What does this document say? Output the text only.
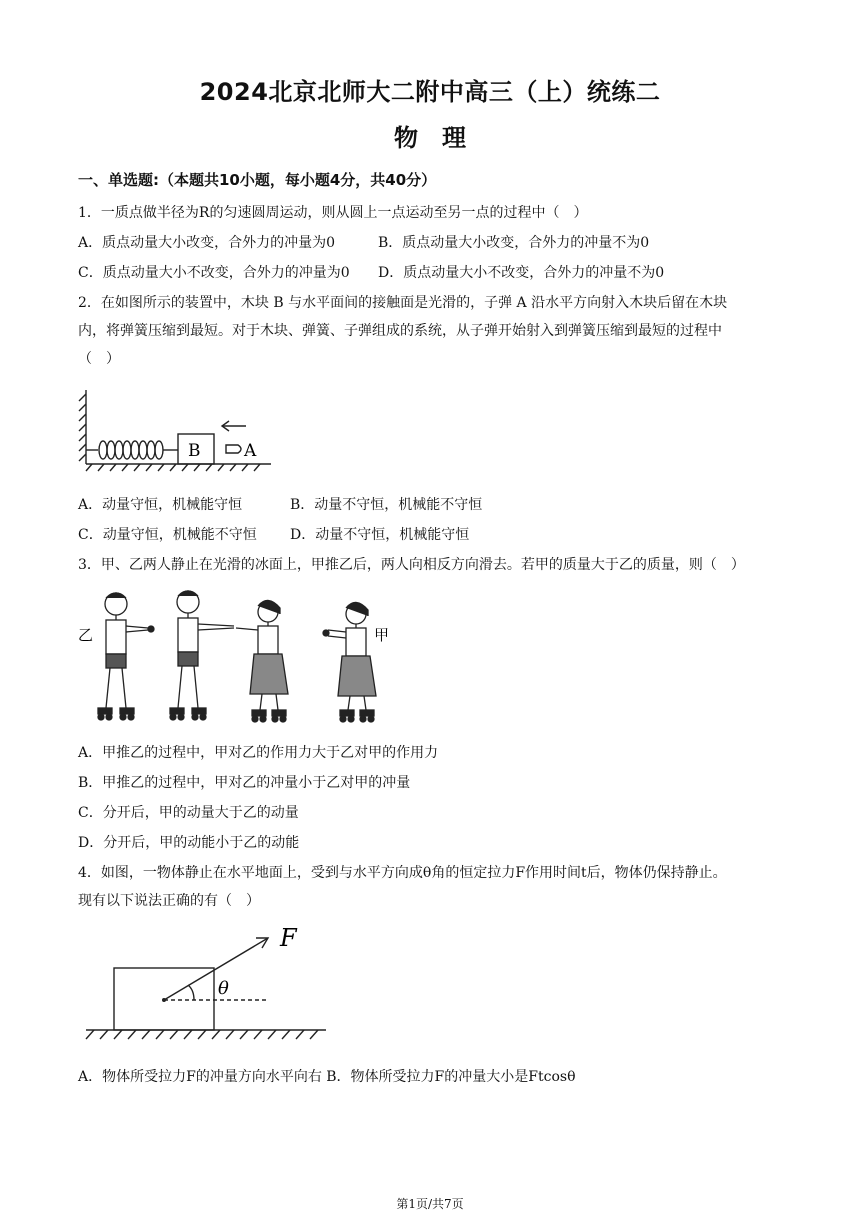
2024北京北师大二附中高三（上）统练二
物　理
一、单选题:（本题共10小题，每小题4分，共40分）
1．一质点做半径为R的匀速圆周运动，则从圆上一点运动至另一点的过程中（　）
A．质点动量大小改变，合外力的冲量为0	B．质点动量大小改变，合外力的冲量不为0
C．质点动量大小不改变，合外力的冲量为0 D．质点动量大小不改变，合外力的冲量不为0
2．在如图所示的装置中，木块 B 与水平面间的接触面是光滑的，子弹 A 沿水平方向射入木块后留在木块
内，将弹簧压缩到最短。对于木块、弹簧、子弹组成的系统，从子弹开始射入到弹簧压缩到最短的过程中
（　）
B	A
A．动量守恒，机械能守恒	B．动量不守恒，机械能不守恒
C．动量守恒，机械能不守恒 D．动量不守恒，机械能守恒
3．甲、乙两人静止在光滑的冰面上，甲推乙后，两人向相反方向滑去。若甲的质量大于乙的质量，则（　）
乙	甲
A．甲推乙的过程中，甲对乙的作用力大于乙对甲的作用力
B．甲推乙的过程中，甲对乙的冲量小于乙对甲的冲量
C．分开后，甲的动量大于乙的动量
D．分开后，甲的动能小于乙的动能
4．如图，一物体静止在水平地面上，受到与水平方向成θ角的恒定拉力F作用时间t后，物体仍保持静止。
现有以下说法正确的有（　）
F
θ
A．物体所受拉力F的冲量方向水平向右 B．物体所受拉力F的冲量大小是Ftcosθ
第1页/共7页
